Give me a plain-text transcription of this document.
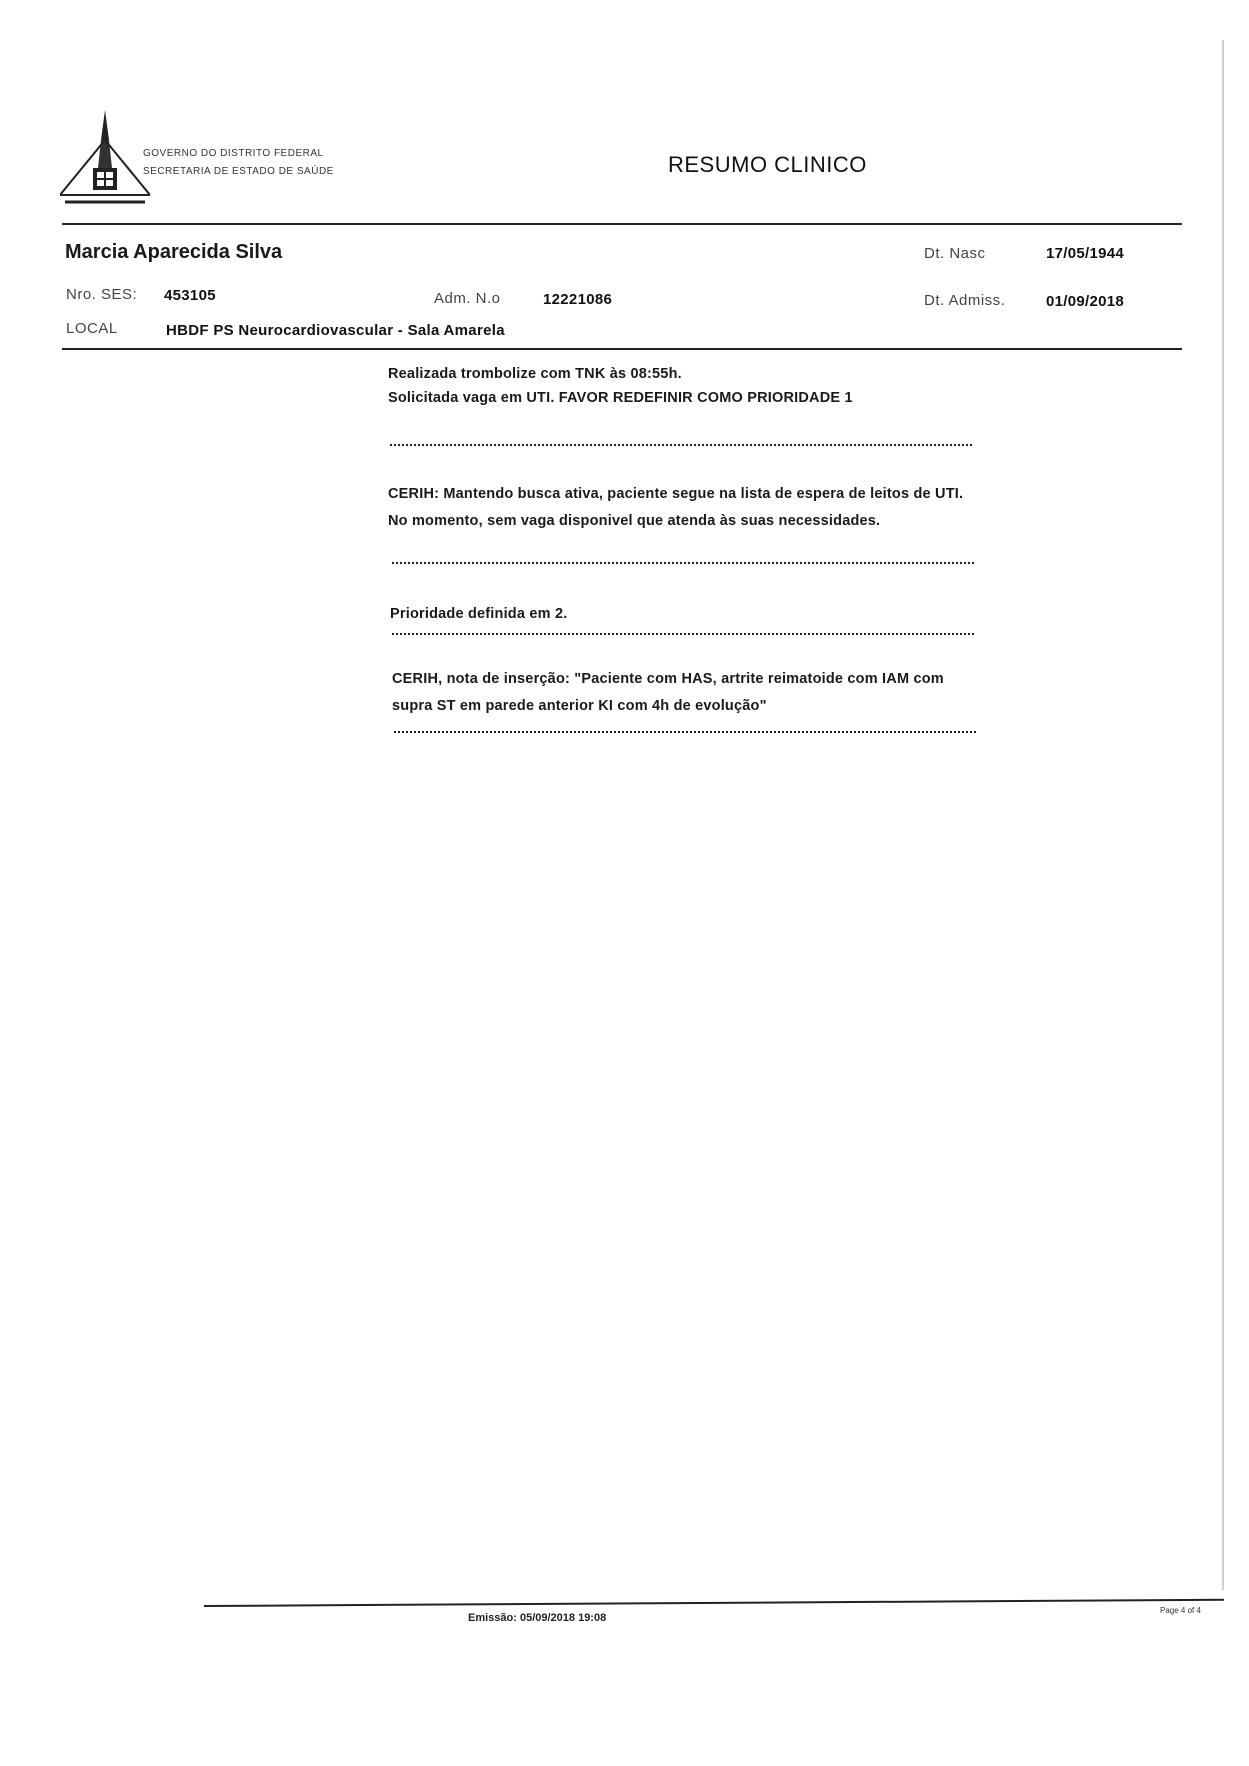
GOVERNO DO DISTRITO FEDERAL
SECRETARIA DE ESTADO DE SAÚDE	RESUMO CLINICO
Marcia Aparecida Silva	Dt. Nasc	17/05/1944
Nro. SES: 453105	Adm. N.o	12221086	Dt. Admiss.	01/09/2018
LOCAL	HBDF PS Neurocardiovascular - Sala Amarela
Realizada trombolize com TNK às 08:55h.
Solicitada vaga em UTI. FAVOR REDEFINIR COMO PRIORIDADE 1
CERIH: Mantendo busca ativa, paciente segue na lista de espera de leitos de UTI.
No momento, sem vaga disponivel que atenda às suas necessidades.
Prioridade definida em 2.
CERIH, nota de inserção: "Paciente com HAS, artrite reimatoide com IAM com
supra ST em parede anterior KI com 4h de evolução"
Emissão: 05/09/2018 19:08
Page 4 of 4
